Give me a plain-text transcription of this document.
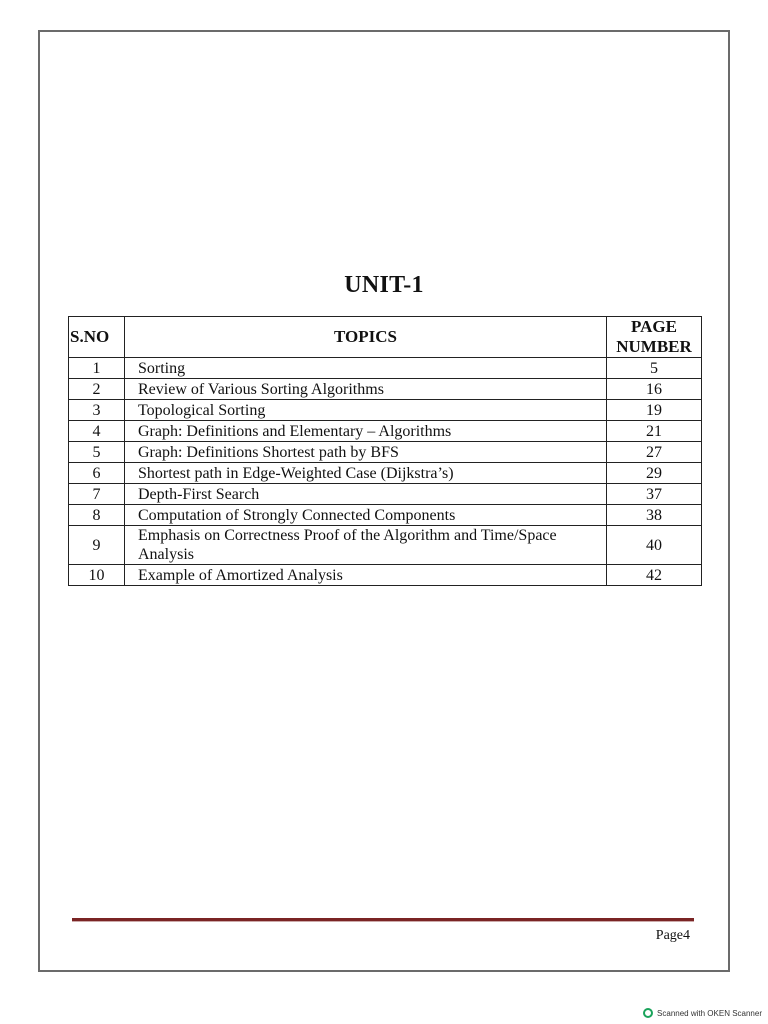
UNIT-1
S.NO	TOPICS	PAGE NUMBER
1	Sorting	5
2	Review of Various Sorting Algorithms	16
3	Topological Sorting	19
4	Graph: Definitions and Elementary – Algorithms	21
5	Graph: Definitions Shortest path by BFS	27
6	Shortest path in Edge-Weighted Case (Dijkstra’s)	29
7	Depth-First Search	37
8	Computation of Strongly Connected Components	38
9	Emphasis on Correctness Proof of the Algorithm and Time/Space Analysis	40
10	Example of Amortized Analysis	42
Page4
Scanned with OKEN Scanner
